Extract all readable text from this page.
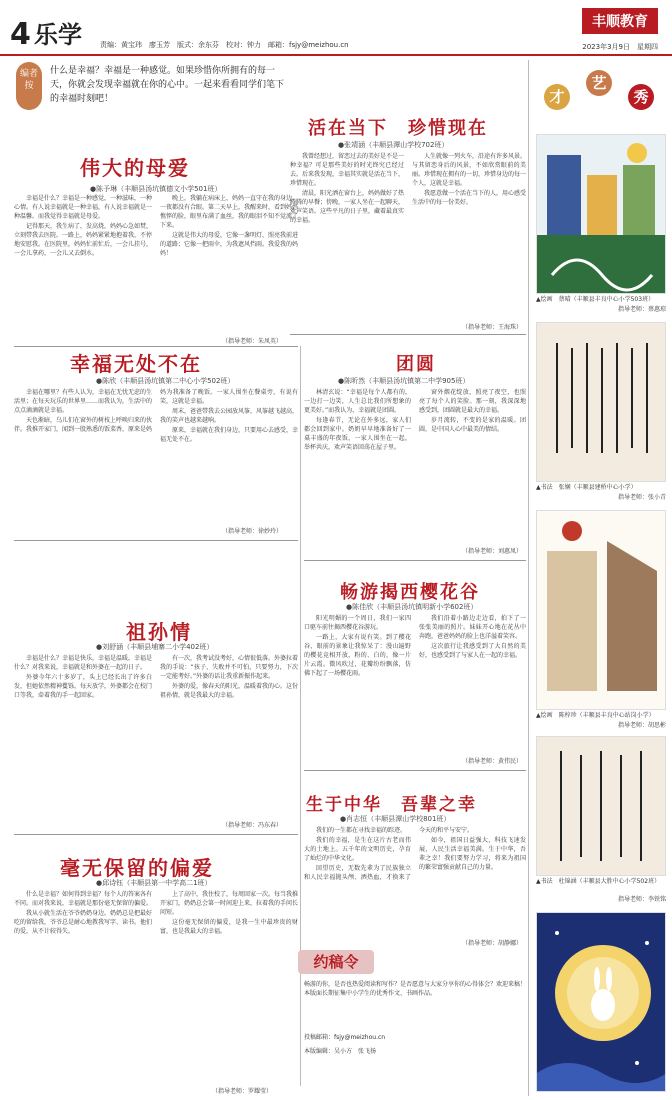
4 乐学	责编：黄宝玮　廖玉芳　版式：余东芬　校对：钟力　邮箱：fsjy@meizhou.cn
丰顺教育
2023年3月9日　星期四
编者按
什么是幸福？幸福是一种感觉。如果珍惜你所拥有的每一天，你就会发现幸福就在你的心中。一起来看看同学们笔下的幸福时刻吧！
伟大的母爱
●陈予琳（丰顺县汤坑镇德文小学501班）

幸福是什么？幸福是一种感觉，一种滋味，一种心情。有人说幸福就是一种幸福，有人说幸福就是一种温馨。而我觉得幸福就是母爱。

记得那天，我生病了，发高烧，妈妈心急如焚，立刻带我去医院。一路上，妈妈紧紧地抱着我，不停地安慰我。在医院里，妈妈忙前忙后，一会儿挂号，一会儿拿药，一会儿又去倒水。

晚上，我躺在病床上，妈妈一直守在我的身边，一夜都没有合眼。第二天早上，我醒来时，看到妈妈憔悴的脸，眼里布满了血丝，我的眼泪不知不觉流了下来。

这就是伟大的母爱，它像一盏明灯，照亮我前进的道路；它像一把雨伞，为我遮风挡雨。我爱我的妈妈！

（指导老师：朱凤英）
活在当下　珍惜现在
●张靖涵（丰顺县潭山学校702班）

我曾经想过，留恋过去的美好是不是一种幸福？可是那些美好的时光终究已经过去。后来我发现，幸福其实就是活在当下，珍惜现在。

清晨，阳光洒在窗台上，妈妈做好了热腾腾的早餐；傍晚，一家人坐在一起聊天，欢声笑语。这些平凡的日子里，藏着最真实的幸福。

人生就像一列火车，沿途有许多风景。与其留恋身后的风景，不如欣赏眼前的美丽。珍惜现在拥有的一切，珍惜身边的每一个人，这就是幸福。

我愿意做一个活在当下的人，用心感受生活中的每一份美好。

（指导老师：王海珠）
幸福无处不在
●陈欣（丰顺县汤坑镇第二中心小学502班）

幸福在哪里？有些人认为，幸福在无忧无虑的生活里；在每天玩乐的世界里……而我认为，生活中的点点滴滴就是幸福。

天色渐暗，乌儿们在窗外的树枝上呼唤归来的伙伴。我推开家门，闻到一股熟悉的饭菜香，原来是妈妈为我准备了晚饭。一家人围坐在餐桌旁，有说有笑，这就是幸福。

周末，爸爸带我去公园放风筝，风筝越飞越高，我的笑声也越来越响。

原来，幸福就在我们身边，只要用心去感受，幸福无处不在。

（指导老师：徐妙玲）
团圆
●陈昕然（丰顺县汤坑镇第二中学905班）

林清玄说：“幸福是每个人都有的，一边打一边笑，人生总比我们所想象的更美好。”而我认为，幸福就是团圆。

每逢春节，无论在外多远，家人们都会回到家中。奶奶早早地准备好了一桌丰盛的年夜饭，一家人围坐在一起，举杯共庆，欢声笑语回荡在屋子里。

窗外烟花绽放，照亮了夜空，也照亮了每个人的笑脸。那一刻，我深深地感受到，团圆就是最大的幸福。

岁月流转，不变的是家的温暖。团圆，是中国人心中最美的情结。

（指导老师：刘惠凤）
祖孙情
●刘舒涵（丰顺县埔寨二小学402班）

幸福是什么？幸福是快乐，幸福是温暖。幸福是什么？对我来说，幸福就是和外婆在一起的日子。

外婆今年六十多岁了，头上已经长出了许多白发，但她依然精神矍铄。每天放学，外婆都会在校门口等我，牵着我的手一起回家。

有一次，我考试没考好，心情很低落。外婆拉着我的手说：“孩子，失败并不可怕，只要努力，下次一定能考好。”外婆的话让我重新振作起来。

外婆的爱，像春天的阳光，温暖着我的心。这份祖孙情，就是我最大的幸福。

（指导老师：冯东春）
畅游揭西樱花谷
●陈佳欣（丰顺县汤坑镇明新小学602班）

阳光明媚的一个周日，我们一家四口驱车前往揭西樱花谷游玩。

一路上，大家有说有笑。到了樱花谷，眼前的景象让我惊呆了：漫山遍野的樱花竞相开放，粉的、白的，像一片片云霞。微风吹过，花瓣纷纷飘落，仿佛下起了一场樱花雨。

我们沿着小路边走边看，拍下了一张张美丽的照片。妹妹开心地在花丛中奔跑，爸爸妈妈的脸上也洋溢着笑容。

这次旅行让我感受到了大自然的美好，也感受到了与家人在一起的幸福。

（指导老师：黄伟民）
毫无保留的偏爱
●邱诗钰（丰顺县第一中学高二1班）

什么是幸福？如何得到幸福？每个人的答案各有不同。而对我来说，幸福就是那份毫无保留的偏爱。

我从小就生活在爷爷奶奶身边。奶奶总是把最好吃的留给我，爷爷总是耐心地教我写字、读书。他们的爱，从不计较得失。

上了高中，我住校了，每周回家一次。每当我推开家门，奶奶总会第一时间迎上来，拉着我的手问长问短。

这份毫无保留的偏爱，是我一生中最珍贵的财富，也是我最大的幸福。

（指导老师：罗耀莹）
生于中华　吾辈之幸
●肖志恒（丰顺县潭山学校801班）

我们的一生都在寻找幸福的踪迹。

我们的幸福，是生在这片古老而伟大的土地上。五千年的文明历史，孕育了灿烂的中华文化。

回望历史，无数先辈为了民族独立和人民幸福抛头颅、洒热血，才换来了今天的和平与安宁。

如今，祖国日益强大，科技飞速发展，人民生活幸福美满。生于中华，吾辈之幸！我们要努力学习，将来为祖国的繁荣富强贡献自己的力量。

（指导老师：胡静娜）
约稿令
畅游的你，是否也热爱阅读和写作？是否愿意与大家分享你的心得体会？欢迎来稿！本版面长期征集中小学生的优秀作文、书画作品。
投稿邮箱：fsjy@meizhou.cn
本版编辑：吴小方　张飞扬
才
艺
秀
▲绘画　蔡晴（丰顺县丰良中心小学503班）
指导老师：蔡惠琼
▲书法　张娴（丰顺县建桥中心小学）
指导老师：张小青
▲绘画　陈梓珍（丰顺县丰良中心站岗小学）
指导老师：胡思彬
▲书法　杜锦涵（丰顺县大胜中心小学502班）
指导老师：李铁铭
